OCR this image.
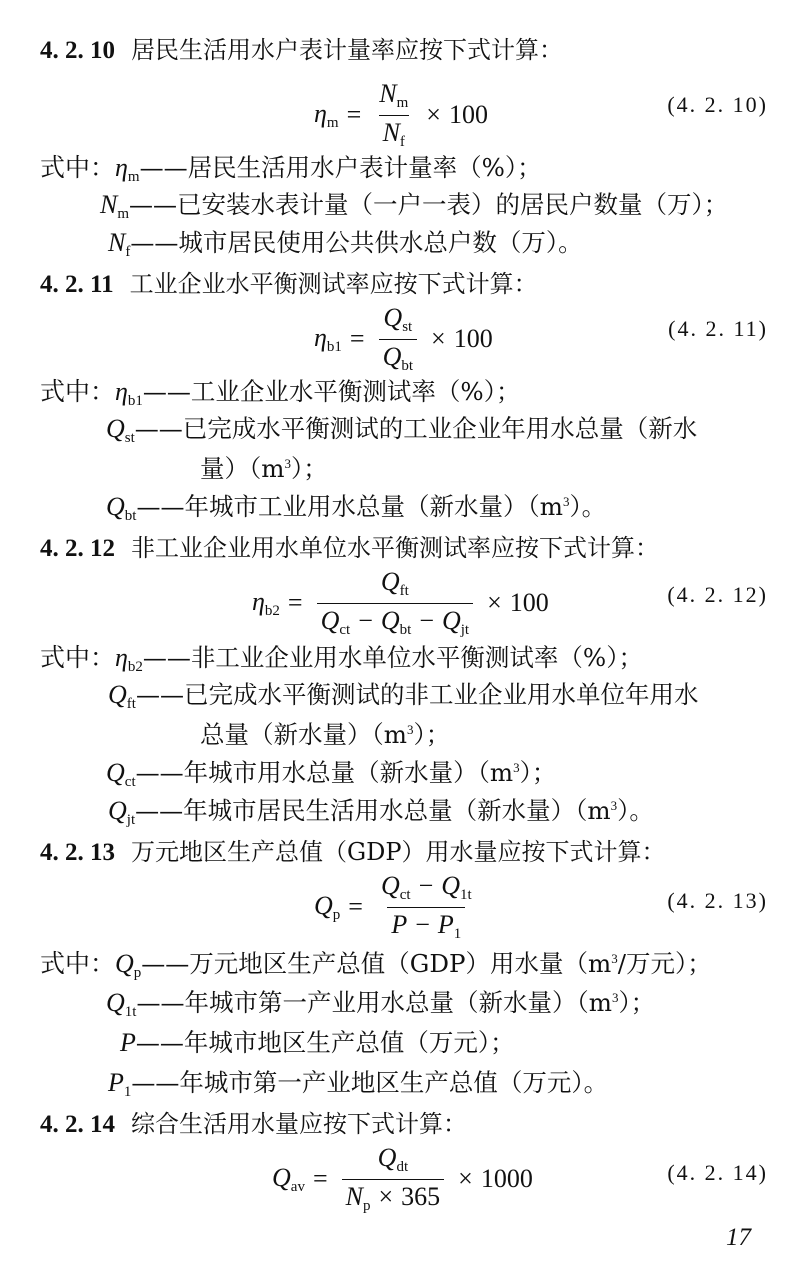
4. 2. 10 居民生活用水户表计量率应按下式计算：
$\eta_m = \frac{N_m}{N_f} \times 100$	(4. 2. 10)
式中：$\eta_m——$居民生活用水户表计量率（%）；
$N_m——$已安装水表计量（一户一表）的居民户数量（万）；
$N_f——$城市居民使用公共供水总户数（万）。
4. 2. 11 工业企业水平衡测试率应按下式计算：
$\eta_{b1} = \frac{Q_{st}}{Q_{bt}} \times 100$	(4. 2. 11)
式中：$\eta_{b1}——$工业企业水平衡测试率（%）；
$Q_{st}——$已完成水平衡测试的工业企业年用水总量（新水
量）$(m^3)$；
$Q_{bt}——$年城市工业用水总量（新水量）$(m^3)$。
4. 2. 12 非工业企业用水单位水平衡测试率应按下式计算：
$\eta_{b2} = \frac{Q_{ft}}{Q_{ct} - Q_{bt} - Q_{jt}} \times 100$	(4. 2. 12)
式中：$\eta_{b2}——$非工业企业用水单位水平衡测试率（%）；
$Q_{ft}——$已完成水平衡测试的非工业企业用水单位年用水
总量（新水量）$(m^3)$；
$Q_{ct}——$年城市用水总量（新水量）$(m^3)$；
$Q_{jt}——$年城市居民生活用水总量（新水量）$(m^3)$。
4. 2. 13 万元地区生产总值（GDP）用水量应按下式计算：
$Q_p = \frac{Q_{ct} - Q_{1t}}{P - P_1}$	(4. 2. 13)
式中：$Q_p——$万元地区生产总值（GDP）用水量（$m^3/$万元）；
$Q_{1t}——$年城市第一产业用水总量（新水量）$(m^3)$；
P——年城市地区生产总值（万元）；
$P_1——$年城市第一产业地区生产总值（万元）。
4. 2. 14 综合生活用水量应按下式计算：
$Q_{av} = \frac{Q_{dt}}{N_p \times 365} \times 1000$	(4. 2. 14)
17
